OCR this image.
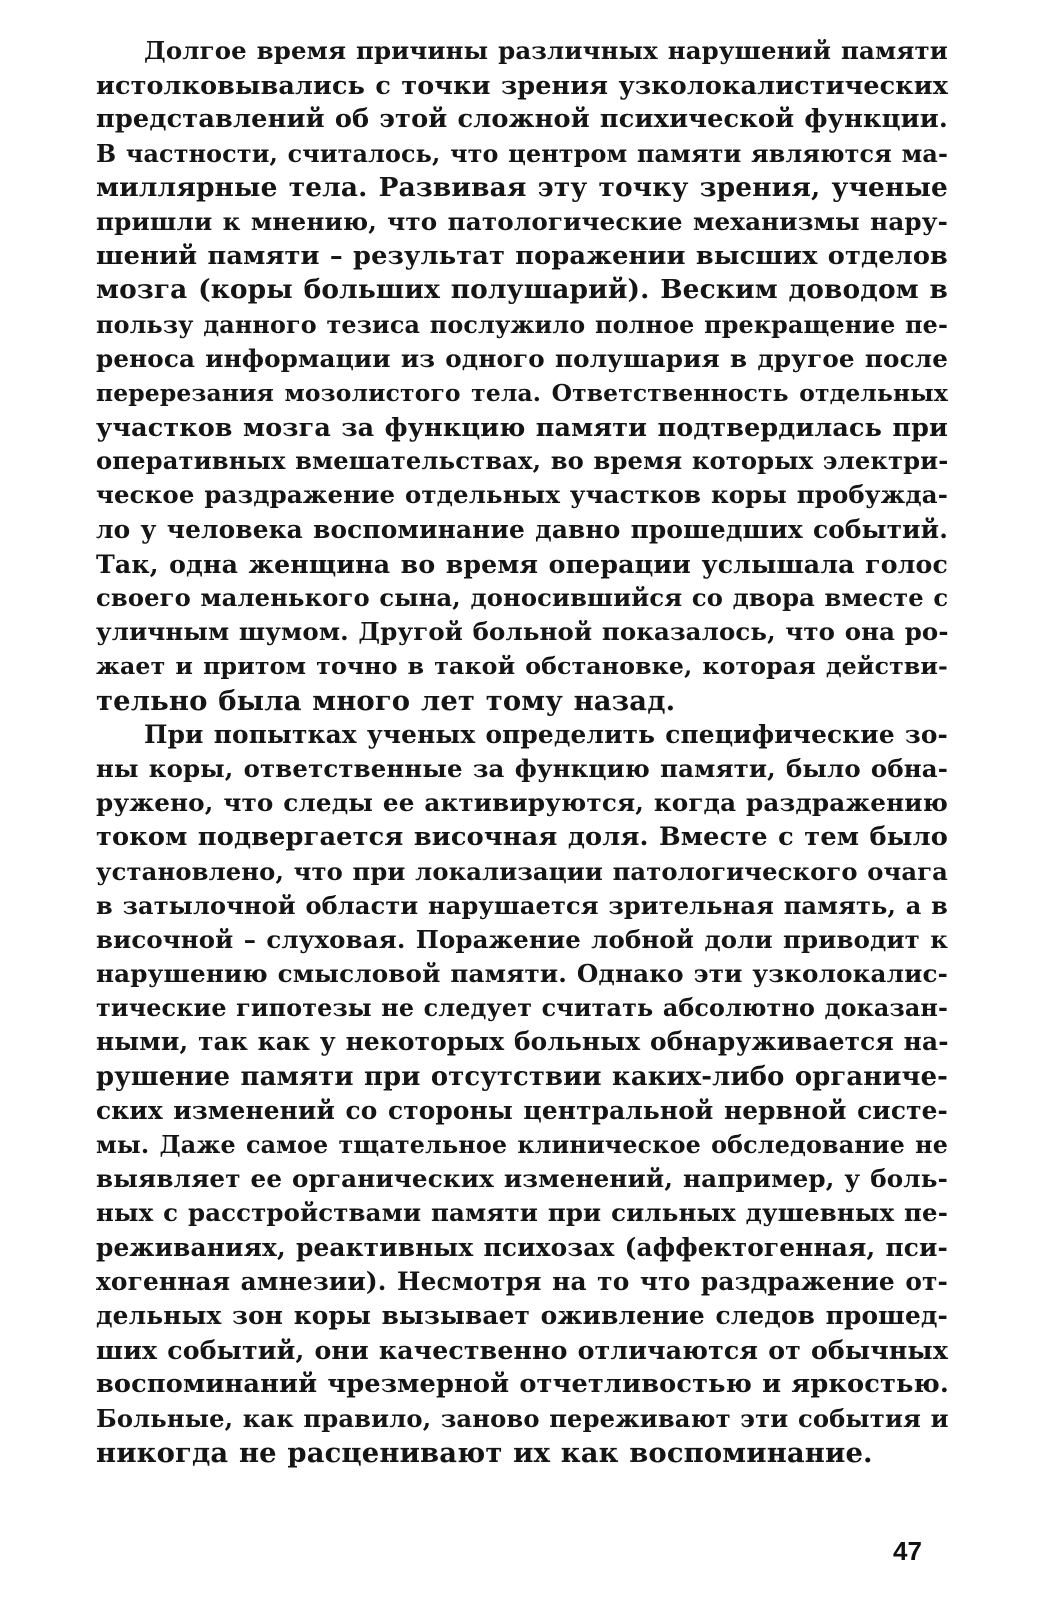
Долгое время причины различных нарушений памяти
истолковывались с точки зрения узколокалистических
представлений об этой сложной психической функции.
В частности, считалось, что центром памяти являются ма-
миллярные тела. Развивая эту точку зрения, ученые
пришли к мнению, что патологические механизмы нару-
шений памяти – результат поражении высших отделов
мозга (коры больших полушарий). Веским доводом в
пользу данного тезиса послужило полное прекращение пе-
реноса информации из одного полушария в другое после
перерезания мозолистого тела. Ответственность отдельных
участков мозга за функцию памяти подтвердилась при
оперативных вмешательствах, во время которых электри-
ческое раздражение отдельных участков коры пробужда-
ло у человека воспоминание давно прошедших событий.
Так, одна женщина во время операции услышала голос
своего маленького сына, доносившийся со двора вместе с
уличным шумом. Другой больной показалось, что она ро-
жает и притом точно в такой обстановке, которая действи-
тельно была много лет тому назад.
При попытках ученых определить специфические зо-
ны коры, ответственные за функцию памяти, было обна-
ружено, что следы ее активируются, когда раздражению
током подвергается височная доля. Вместе с тем было
установлено, что при локализации патологического очага
в затылочной области нарушается зрительная память, а в
височной – слуховая. Поражение лобной доли приводит к
нарушению смысловой памяти. Однако эти узколокалис-
тические гипотезы не следует считать абсолютно доказан-
ными, так как у некоторых больных обнаруживается на-
рушение памяти при отсутствии каких-либо органиче-
ских изменений со стороны центральной нервной систе-
мы. Даже самое тщательное клиническое обследование не
выявляет ее органических изменений, например, у боль-
ных с расстройствами памяти при сильных душевных пе-
реживаниях, реактивных психозах (аффектогенная, пси-
хогенная амнезии). Несмотря на то что раздражение от-
дельных зон коры вызывает оживление следов прошед-
ших событий, они качественно отличаются от обычных
воспоминаний чрезмерной отчетливостью и яркостью.
Больные, как правило, заново переживают эти события и
никогда не расценивают их как воспоминание.
47
